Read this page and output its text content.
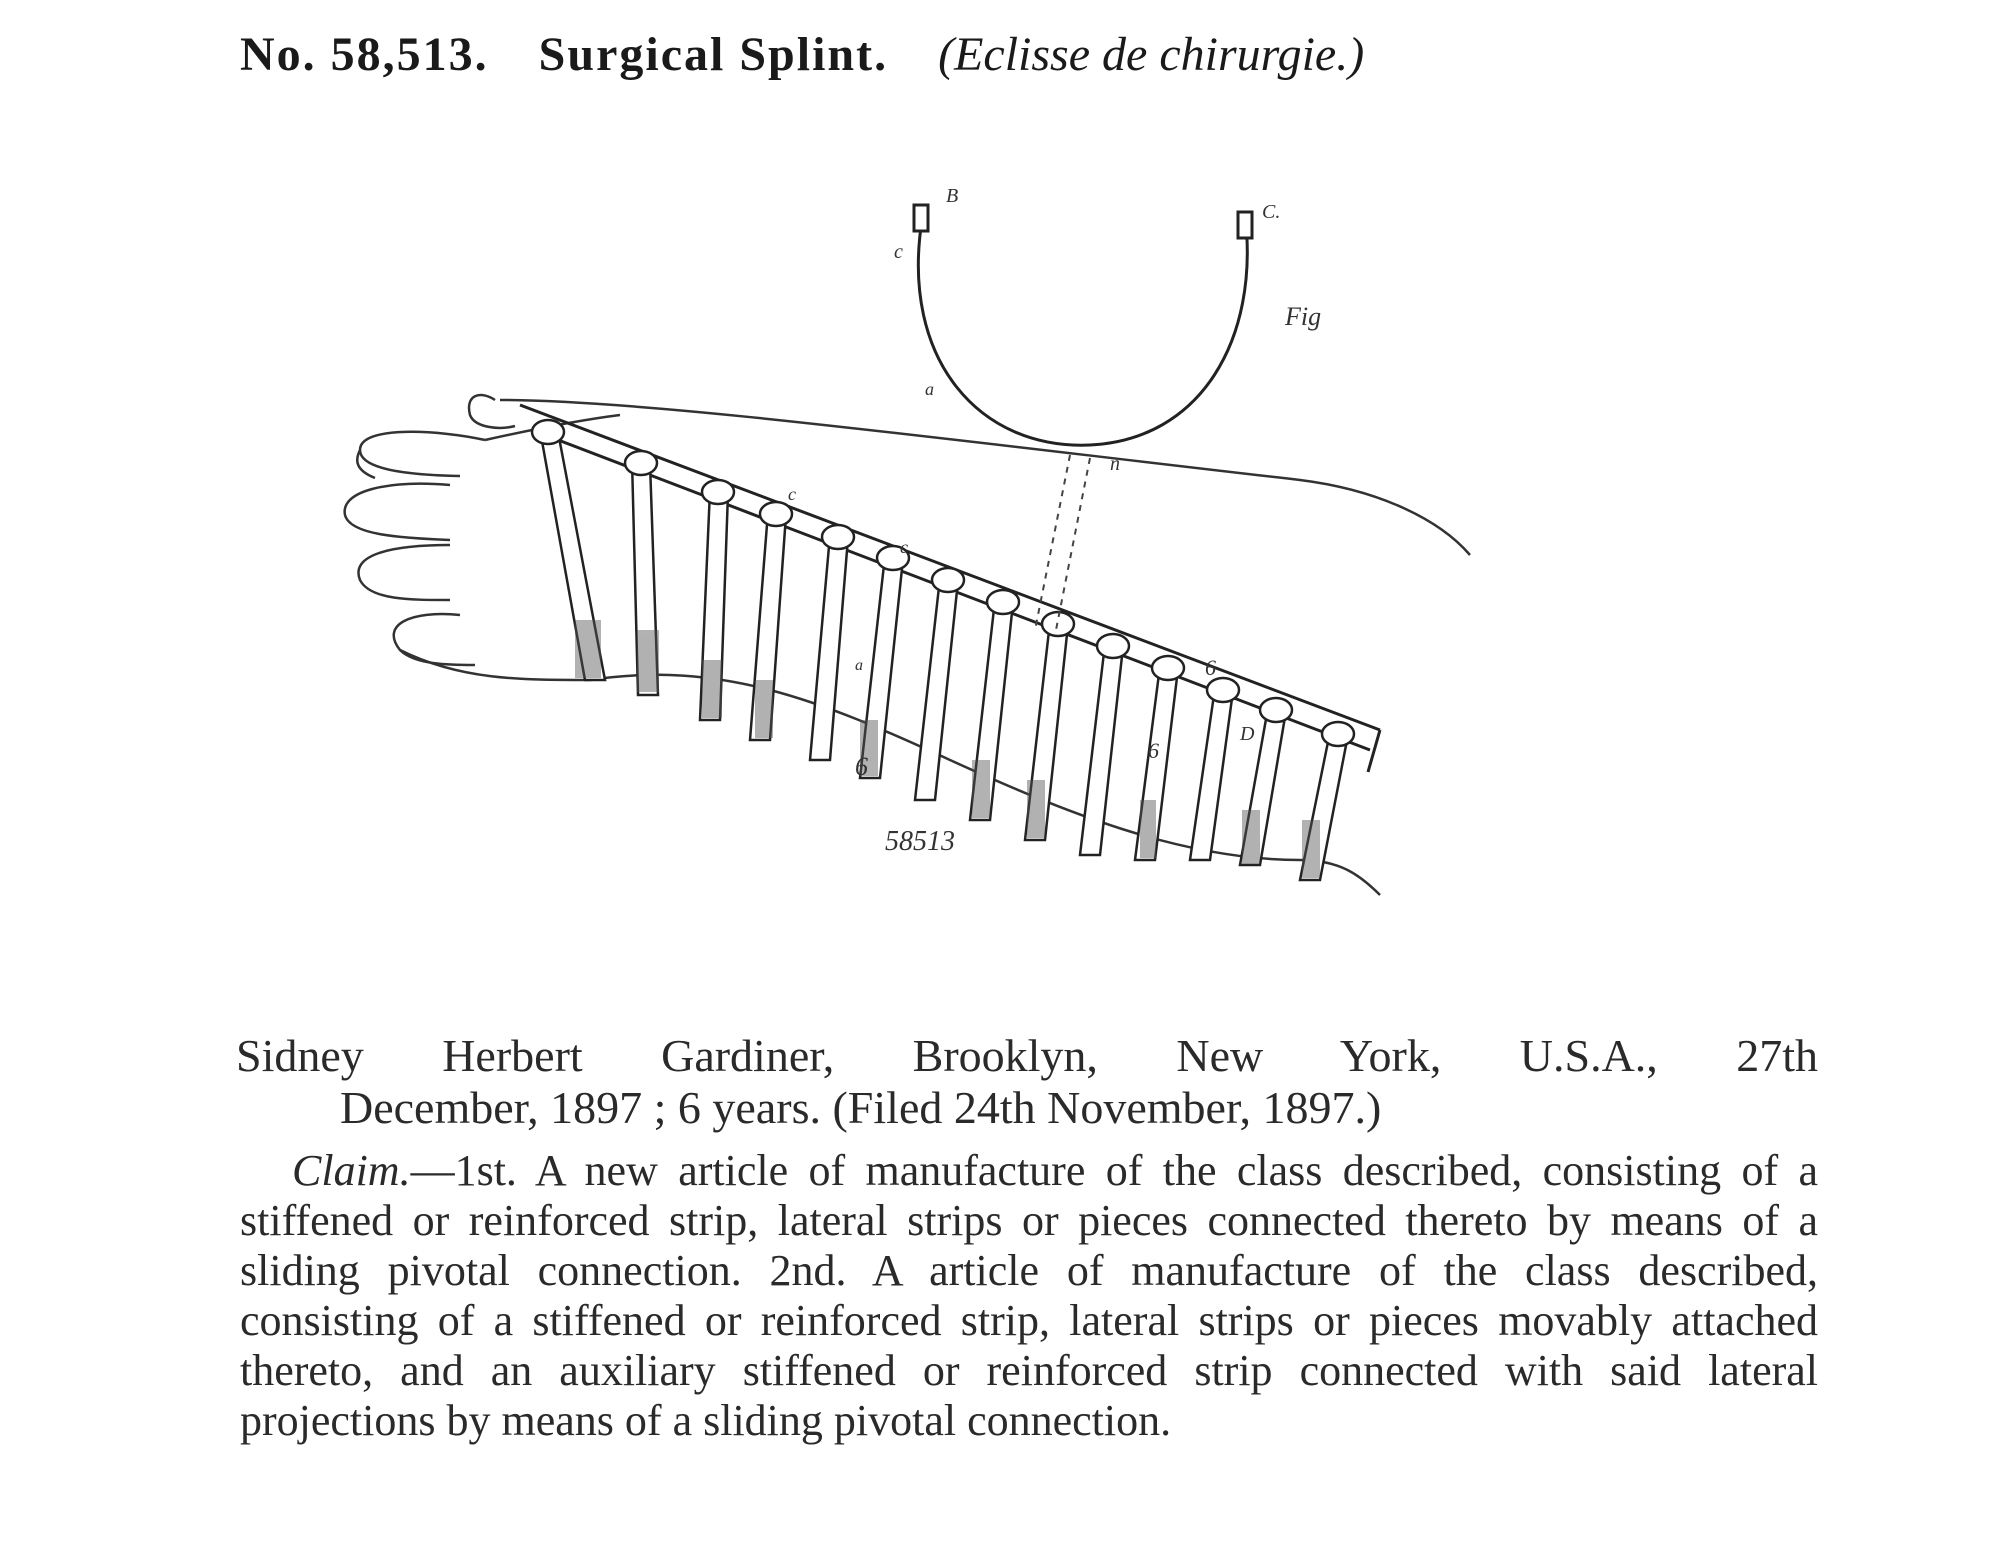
No. 58,513. Surgical Splint. (Eclisse de chirurgie.)
B
c
C.
Fig
a
n
c
c
6
6
D
a
6
58513
Sidney Herbert Gardiner, Brooklyn, New York, U.S.A., 27th
December, 1897 ; 6 years. (Filed 24th November, 1897.)
Claim.—1st. A new article of manufacture of the class described, consisting of a stiffened or reinforced strip, lateral strips or pieces connected thereto by means of a sliding pivotal connection. 2nd. A article of manufacture of the class described, consisting of a stiffened or reinforced strip, lateral strips or pieces movably attached thereto, and an auxiliary stiffened or reinforced strip connected with said lateral projections by means of a sliding pivotal connection.
